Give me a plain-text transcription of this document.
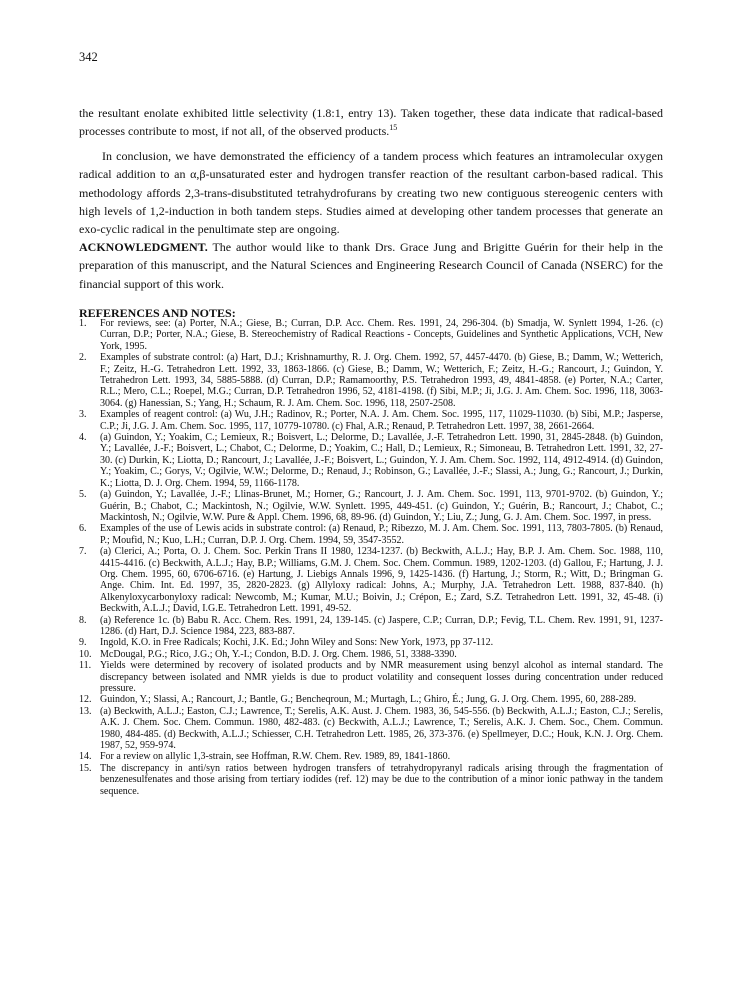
342

the resultant enolate exhibited little selectivity (1.8:1, entry 13). Taken together, these data indicate that radical-based processes contribute to most, if not all, of the observed products.$^{15}$

In conclusion, we have demonstrated the efficiency of a tandem process which features an intramolecular oxygen radical addition to an α,β-unsaturated ester and hydrogen transfer reaction of the resultant carbon-based radical. This methodology affords 2,3-trans-disubstituted tetrahydrofurans by creating two new contiguous stereogenic centers with high levels of 1,2-induction in both tandem steps. Studies aimed at developing other tandem processes that generate an exo-cyclic radical in the penultimate step are ongoing.

ACKNOWLEDGMENT. The author would like to thank Drs. Grace Jung and Brigitte Guérin for their help in the preparation of this manuscript, and the Natural Sciences and Engineering Research Council of Canada (NSERC) for the financial support of this work.

REFERENCES AND NOTES:
1. For reviews, see: (a) Porter, N.A.; Giese, B.; Curran, D.P. Acc. Chem. Res. 1991, 24, 296-304. (b) Smadja, W. Synlett 1994, 1-26. (c) Curran, D.P.; Porter, N.A.; Giese, B. Stereochemistry of Radical Reactions - Concepts, Guidelines and Synthetic Applications, VCH, New York, 1995.
2. Examples of substrate control: (a) Hart, D.J.; Krishnamurthy, R. J. Org. Chem. 1992, 57, 4457-4470. (b) Giese, B.; Damm, W.; Wetterich, F.; Zeitz, H.-G. Tetrahedron Lett. 1992, 33, 1863-1866. (c) Giese, B.; Damm, W.; Wetterich, F.; Zeitz, H.-G.; Rancourt, J.; Guindon, Y. Tetrahedron Lett. 1993, 34, 5885-5888. (d) Curran, D.P.; Ramamoorthy, P.S. Tetrahedron 1993, 49, 4841-4858. (e) Porter, N.A.; Carter, R.L.; Mero, C.L.; Roepel, M.G.; Curran, D.P. Tetrahedron 1996, 52, 4181-4198. (f) Sibi, M.P.; Ji, J.G. J. Am. Chem. Soc. 1996, 118, 3063-3064. (g) Hanessian, S.; Yang, H.; Schaum, R. J. Am. Chem. Soc. 1996, 118, 2507-2508.
3. Examples of reagent control: (a) Wu, J.H.; Radinov, R.; Porter, N.A. J. Am. Chem. Soc. 1995, 117, 11029-11030. (b) Sibi, M.P.; Jasperse, C.P.; Ji, J.G. J. Am. Chem. Soc. 1995, 117, 10779-10780. (c) Fhal, A.R.; Renaud, P. Tetrahedron Lett. 1997, 38, 2661-2664.
4. (a) Guindon, Y.; Yoakim, C.; Lemieux, R.; Boisvert, L.; Delorme, D.; Lavallée, J.-F. Tetrahedron Lett. 1990, 31, 2845-2848. (b) Guindon, Y.; Lavallée, J.-F.; Boisvert, L.; Chabot, C.; Delorme, D.; Yoakim, C.; Hall, D.; Lemieux, R.; Simoneau, B. Tetrahedron Lett. 1991, 32, 27-30. (c) Durkin, K.; Liotta, D.; Rancourt, J.; Lavallée, J.-F.; Boisvert, L.; Guindon, Y. J. Am. Chem. Soc. 1992, 114, 4912-4914. (d) Guindon, Y.; Yoakim, C.; Gorys, V.; Ogilvie, W.W.; Delorme, D.; Renaud, J.; Robinson, G.; Lavallée, J.-F.; Slassi, A.; Jung, G.; Rancourt, J.; Durkin, K.; Liotta, D. J. Org. Chem. 1994, 59, 1166-1178.
5. (a) Guindon, Y.; Lavallée, J.-F.; Llinas-Brunet, M.; Horner, G.; Rancourt, J. J. Am. Chem. Soc. 1991, 113, 9701-9702. (b) Guindon, Y.; Guérin, B.; Chabot, C.; Mackintosh, N.; Ogilvie, W.W. Synlett. 1995, 449-451. (c) Guindon, Y.; Guérin, B.; Rancourt, J.; Chabot, C.; Mackintosh, N.; Ogilvie, W.W. Pure & Appl. Chem. 1996, 68, 89-96. (d) Guindon, Y.; Liu, Z.; Jung, G. J. Am. Chem. Soc. 1997, in press.
6. Examples of the use of Lewis acids in substrate control: (a) Renaud, P.; Ribezzo, M. J. Am. Chem. Soc. 1991, 113, 7803-7805. (b) Renaud, P.; Moufid, N.; Kuo, L.H.; Curran, D.P. J. Org. Chem. 1994, 59, 3547-3552.
7. (a) Clerici, A.; Porta, O. J. Chem. Soc. Perkin Trans II 1980, 1234-1237. (b) Beckwith, A.L.J.; Hay, B.P. J. Am. Chem. Soc. 1988, 110, 4415-4416. (c) Beckwith, A.L.J.; Hay, B.P.; Williams, G.M. J. Chem. Soc. Chem. Commun. 1989, 1202-1203. (d) Gallou, F.; Hartung, J. J. Org. Chem. 1995, 60, 6706-6716. (e) Hartung, J. Liebigs Annals 1996, 9, 1425-1436. (f) Hartung, J.; Storm, R.; Witt, D.; Bringman G. Ange. Chim. Int. Ed. 1997, 35, 2820-2823. (g) Allyloxy radical: Johns, A.; Murphy, J.A. Tetrahedron Lett. 1988, 837-840. (h) Alkenyloxycarbonyloxy radical: Newcomb, M.; Kumar, M.U.; Boivin, J.; Crépon, E.; Zard, S.Z. Tetrahedron Lett. 1991, 32, 45-48. (i) Beckwith, A.L.J.; David, I.G.E. Tetrahedron Lett. 1991, 49-52.
8. (a) Reference 1c. (b) Babu R. Acc. Chem. Res. 1991, 24, 139-145. (c) Jaspere, C.P.; Curran, D.P.; Fevig, T.L. Chem. Rev. 1991, 91, 1237-1286. (d) Hart, D.J. Science 1984, 223, 883-887.
9. Ingold, K.O. in Free Radicals; Kochi, J.K. Ed.; John Wiley and Sons: New York, 1973, pp 37-112.
10. McDougal, P.G.; Rico, J.G.; Oh, Y.-I.; Condon, B.D. J. Org. Chem. 1986, 51, 3388-3390.
11. Yields were determined by recovery of isolated products and by NMR measurement using benzyl alcohol as internal standard. The discrepancy between isolated and NMR yields is due to product volatility and consequent losses during concentration under reduced pressure.
12. Guindon, Y.; Slassi, A.; Rancourt, J.; Bantle, G.; Bencheqroun, M.; Murtagh, L.; Ghiro, É.; Jung, G. J. Org. Chem. 1995, 60, 288-289.
13. (a) Beckwith, A.L.J.; Easton, C.J.; Lawrence, T.; Serelis, A.K. Aust. J. Chem. 1983, 36, 545-556. (b) Beckwith, A.L.J.; Easton, C.J.; Serelis, A.K. J. Chem. Soc. Chem. Commun. 1980, 482-483. (c) Beckwith, A.L.J.; Lawrence, T.; Serelis, A.K. J. Chem. Soc., Chem. Commun. 1980, 484-485. (d) Beckwith, A.L.J.; Schiesser, C.H. Tetrahedron Lett. 1985, 26, 373-376. (e) Spellmeyer, D.C.; Houk, K.N. J. Org. Chem. 1987, 52, 959-974.
14. For a review on allylic 1,3-strain, see Hoffman, R.W. Chem. Rev. 1989, 89, 1841-1860.
15. The discrepancy in anti/syn ratios between hydrogen transfers of tetrahydropyranyl radicals arising through the fragmentation of benzenesulfenates and those arising from tertiary iodides (ref. 12) may be due to the contribution of a minor ionic pathway in the tandem sequence.
